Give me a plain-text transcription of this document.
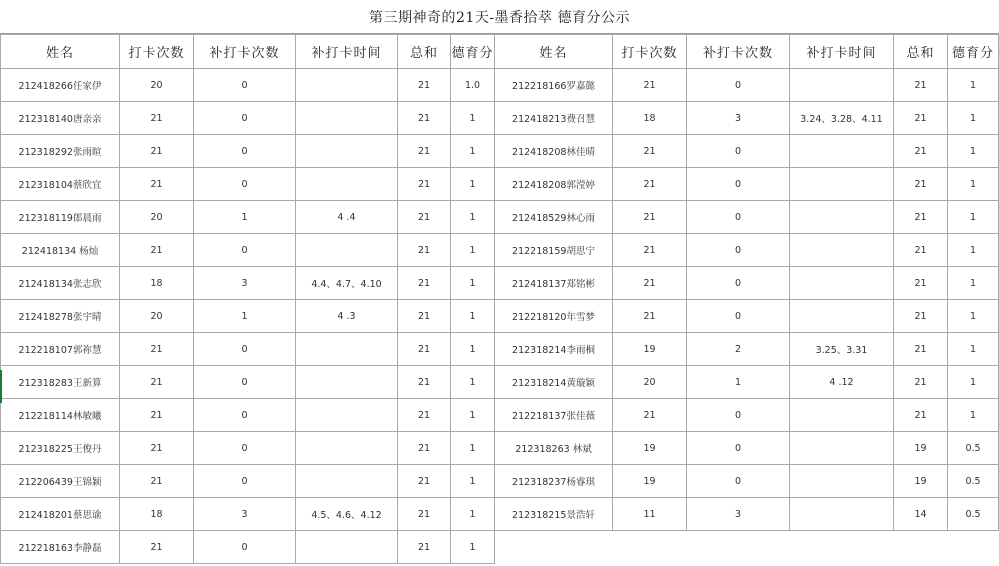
第三期神奇的21天-墨香拾萃 德育分公示
姓名	打卡次数	补打卡次数	补打卡时间	总和	德育分	姓名	打卡次数	补打卡次数	补打卡时间	总和	德育分
212418266任家伊	20	0		21	1.0	212218166罗嘉懿	21	0		21	1
212318140唐亲亲	21	0		21	1	212418213费召慧	18	3	3.24、3.28、4.11	21	1
212318292张雨暄	21	0		21	1	212418208林佳晴	21	0		21	1
212318104蔡欣宜	21	0		21	1	212418208郭滢婷	21	0		21	1
212318119郎晨雨	20	1	4 .4	21	1	212418529林心雨	21	0		21	1
212418134 杨灿	21	0		21	1	212218159胡思宁	21	0		21	1
212418134张志欣	18	3	4.4、4.7、4.10	21	1	212418137郑铭彬	21	0		21	1
212418278张宇晴	20	1	4 .3	21	1	212218120年雪梦	21	0		21	1
212218107郭祢慧	21	0		21	1	212318214李雨桐	19	2	3.25、3.31	21	1
212318283王新算	21	0		21	1	212318214黄璇颖	20	1	4 .12	21	1
212218114林敏曦	21	0		21	1	212218137张佳薇	21	0		21	1
212318225王俊丹	21	0		21	1	212318263 林斌	19	0		19	0.5
212206439王锦颖	21	0		21	1	212318237杨睿琪	19	0		19	0.5
212418201蔡思谕	18	3	4.5、4.6、4.12	21	1	212318215景浩轩	11	3		14	0.5
212218163李静磊	21	0		21	1						
